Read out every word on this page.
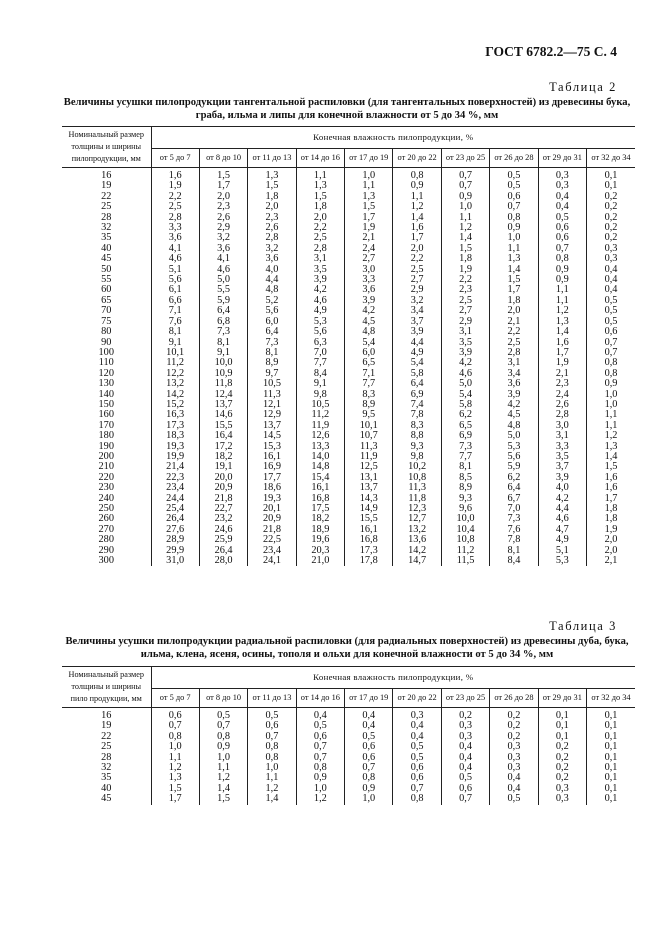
ГОСТ 6782.2—75 С. 4
Таблица 2
Величины усушки пилопродукции тангентальной распиловки (для тангентальных поверхностей) из древесины бука, граба, ильма и липы для конечной влажности от 5 до 34 %, мм
Номинальный размер толщины и ширины пилопродукции, мм	Конечная влажность пилопродукции, %									
	от 5 до 7	от 8 до 10	от 11 до 13	от 14 до 16	от 17 до 19	от 20 до 22	от 23 до 25	от 26 до 28	от 29 до 31	от 32 до 34
16	1,6	1,5	1,3	1,1	1,0	0,8	0,7	0,5	0,3	0,1
19	1,9	1,7	1,5	1,3	1,1	0,9	0,7	0,5	0,3	0,1
22	2,2	2,0	1,8	1,5	1,3	1,1	0,9	0,6	0,4	0,2
25	2,5	2,3	2,0	1,8	1,5	1,2	1,0	0,7	0,4	0,2
28	2,8	2,6	2,3	2,0	1,7	1,4	1,1	0,8	0,5	0,2
32	3,3	2,9	2,6	2,2	1,9	1,6	1,2	0,9	0,6	0,2
35	3,6	3,2	2,8	2,5	2,1	1,7	1,4	1,0	0,6	0,2
40	4,1	3,6	3,2	2,8	2,4	2,0	1,5	1,1	0,7	0,3
45	4,6	4,1	3,6	3,1	2,7	2,2	1,8	1,3	0,8	0,3
50	5,1	4,6	4,0	3,5	3,0	2,5	1,9	1,4	0,9	0,4
55	5,6	5,0	4,4	3,9	3,3	2,7	2,2	1,5	0,9	0,4
60	6,1	5,5	4,8	4,2	3,6	2,9	2,3	1,7	1,1	0,4
65	6,6	5,9	5,2	4,6	3,9	3,2	2,5	1,8	1,1	0,5
70	7,1	6,4	5,6	4,9	4,2	3,4	2,7	2,0	1,2	0,5
75	7,6	6,8	6,0	5,3	4,5	3,7	2,9	2,1	1,3	0,5
80	8,1	7,3	6,4	5,6	4,8	3,9	3,1	2,2	1,4	0,6
90	9,1	8,1	7,3	6,3	5,4	4,4	3,5	2,5	1,6	0,7
100	10,1	9,1	8,1	7,0	6,0	4,9	3,9	2,8	1,7	0,7
110	11,2	10,0	8,9	7,7	6,5	5,4	4,2	3,1	1,9	0,8
120	12,2	10,9	9,7	8,4	7,1	5,8	4,6	3,4	2,1	0,8
130	13,2	11,8	10,5	9,1	7,7	6,4	5,0	3,6	2,3	0,9
140	14,2	12,4	11,3	9,8	8,3	6,9	5,4	3,9	2,4	1,0
150	15,2	13,7	12,1	10,5	8,9	7,4	5,8	4,2	2,6	1,0
160	16,3	14,6	12,9	11,2	9,5	7,8	6,2	4,5	2,8	1,1
170	17,3	15,5	13,7	11,9	10,1	8,3	6,5	4,8	3,0	1,1
180	18,3	16,4	14,5	12,6	10,7	8,8	6,9	5,0	3,1	1,2
190	19,3	17,2	15,3	13,3	11,3	9,3	7,3	5,3	3,3	1,3
200	19,9	18,2	16,1	14,0	11,9	9,8	7,7	5,6	3,5	1,4
210	21,4	19,1	16,9	14,8	12,5	10,2	8,1	5,9	3,7	1,5
220	22,3	20,0	17,7	15,4	13,1	10,8	8,5	6,2	3,9	1,6
230	23,4	20,9	18,6	16,1	13,7	11,3	8,9	6,4	4,0	1,6
240	24,4	21,8	19,3	16,8	14,3	11,8	9,3	6,7	4,2	1,7
250	25,4	22,7	20,1	17,5	14,9	12,3	9,6	7,0	4,4	1,8
260	26,4	23,2	20,9	18,2	15,5	12,7	10,0	7,3	4,6	1,8
270	27,6	24,6	21,8	18,9	16,1	13,2	10,4	7,6	4,7	1,9
280	28,9	25,9	22,5	19,6	16,8	13,6	10,8	7,8	4,9	2,0
290	29,9	26,4	23,4	20,3	17,3	14,2	11,2	8,1	5,1	2,0
300	31,0	28,0	24,1	21,0	17,8	14,7	11,5	8,4	5,3	2,1
Таблица 3
Величины усушки пилопродукции радиальной распиловки (для радиальных поверхностей) из древесины дуба, бука, ильма, клена, ясеня, осины, тополя и ольхи для конечной влажности от 5 до 34 %, мм
Номинальный размер толщины и ширины пило продукции, мм	Конечная влажность пилопродукции, %									
	от 5 до 7	от 8 до 10	от 11 до 13	от 14 до 16	от 17 до 19	от 20 до 22	от 23 до 25	от 26 до 28	от 29 до 31	от 32 до 34
16	0,6	0,5	0,5	0,4	0,4	0,3	0,2	0,2	0,1	0,1
19	0,7	0,7	0,6	0,5	0,4	0,4	0,3	0,2	0,1	0,1
22	0,8	0,8	0,7	0,6	0,5	0,4	0,3	0,2	0,1	0,1
25	1,0	0,9	0,8	0,7	0,6	0,5	0,4	0,3	0,2	0,1
28	1,1	1,0	0,8	0,7	0,6	0,5	0,4	0,3	0,2	0,1
32	1,2	1,1	1,0	0,8	0,7	0,6	0,4	0,3	0,2	0,1
35	1,3	1,2	1,1	0,9	0,8	0,6	0,5	0,4	0,2	0,1
40	1,5	1,4	1,2	1,0	0,9	0,7	0,6	0,4	0,3	0,1
45	1,7	1,5	1,4	1,2	1,0	0,8	0,7	0,5	0,3	0,1
